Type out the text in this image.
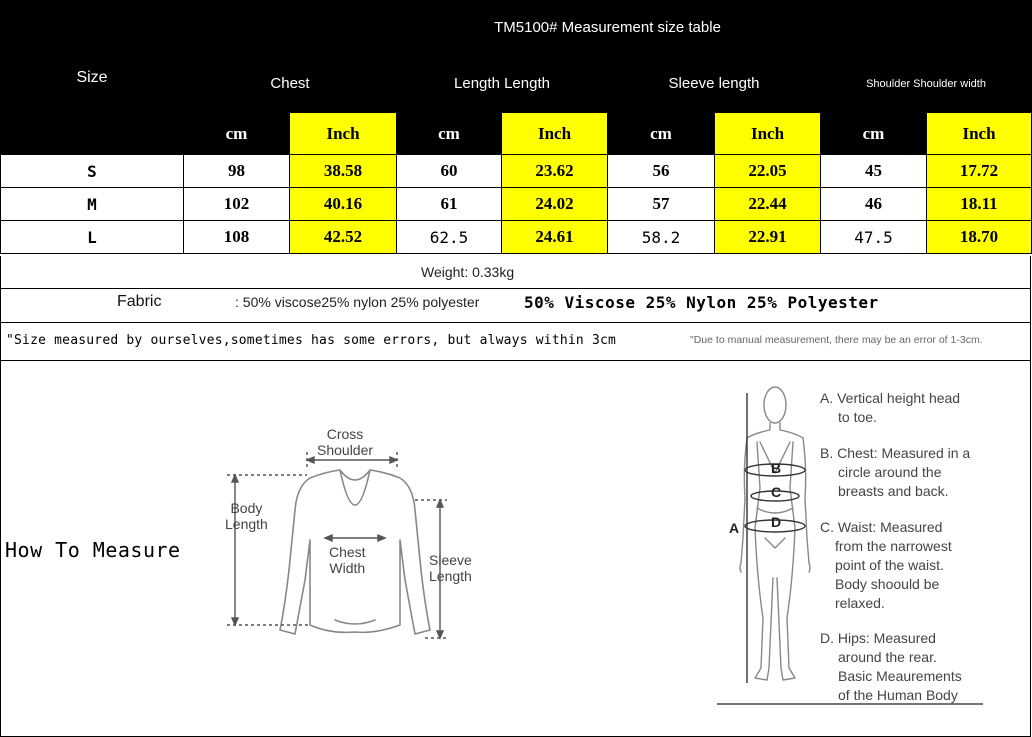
Size	TM5100# Measurement size table							
	Chest		Length Length		Sleeve length		Shoulder Shoulder width	
	cm	Inch	cm	Inch	cm	Inch	cm	Inch
S	98	38.58	60	23.62	56	22.05	45	17.72
M	102	40.16	61	24.02	57	22.44	46	18.11
L	108	42.52	62.5	24.61	58.2	22.91	47.5	18.70
Weight: 0.33kg
Fabric	: 50% viscose25% nylon 25% polyester	50% Viscose 25% Nylon 25% Polyester
"Size measured by ourselves,sometimes has some errors, but always within 3cm	"Due to manual measurement, there may be an error of 1-3cm.
How To Measure
Cross
Shoulder
Body
Length
Chest
Width	Sleeve
Length
A
B
C
D
A. Vertical height head
to toe.
B. Chest: Measured in a
circle around the
breasts and back.
C. Waist: Measured
from the narrowest
point of the waist.
Body shoould be
relaxed.
D. Hips: Measured
around the rear.
Basic Meaurements
of the Human Body
